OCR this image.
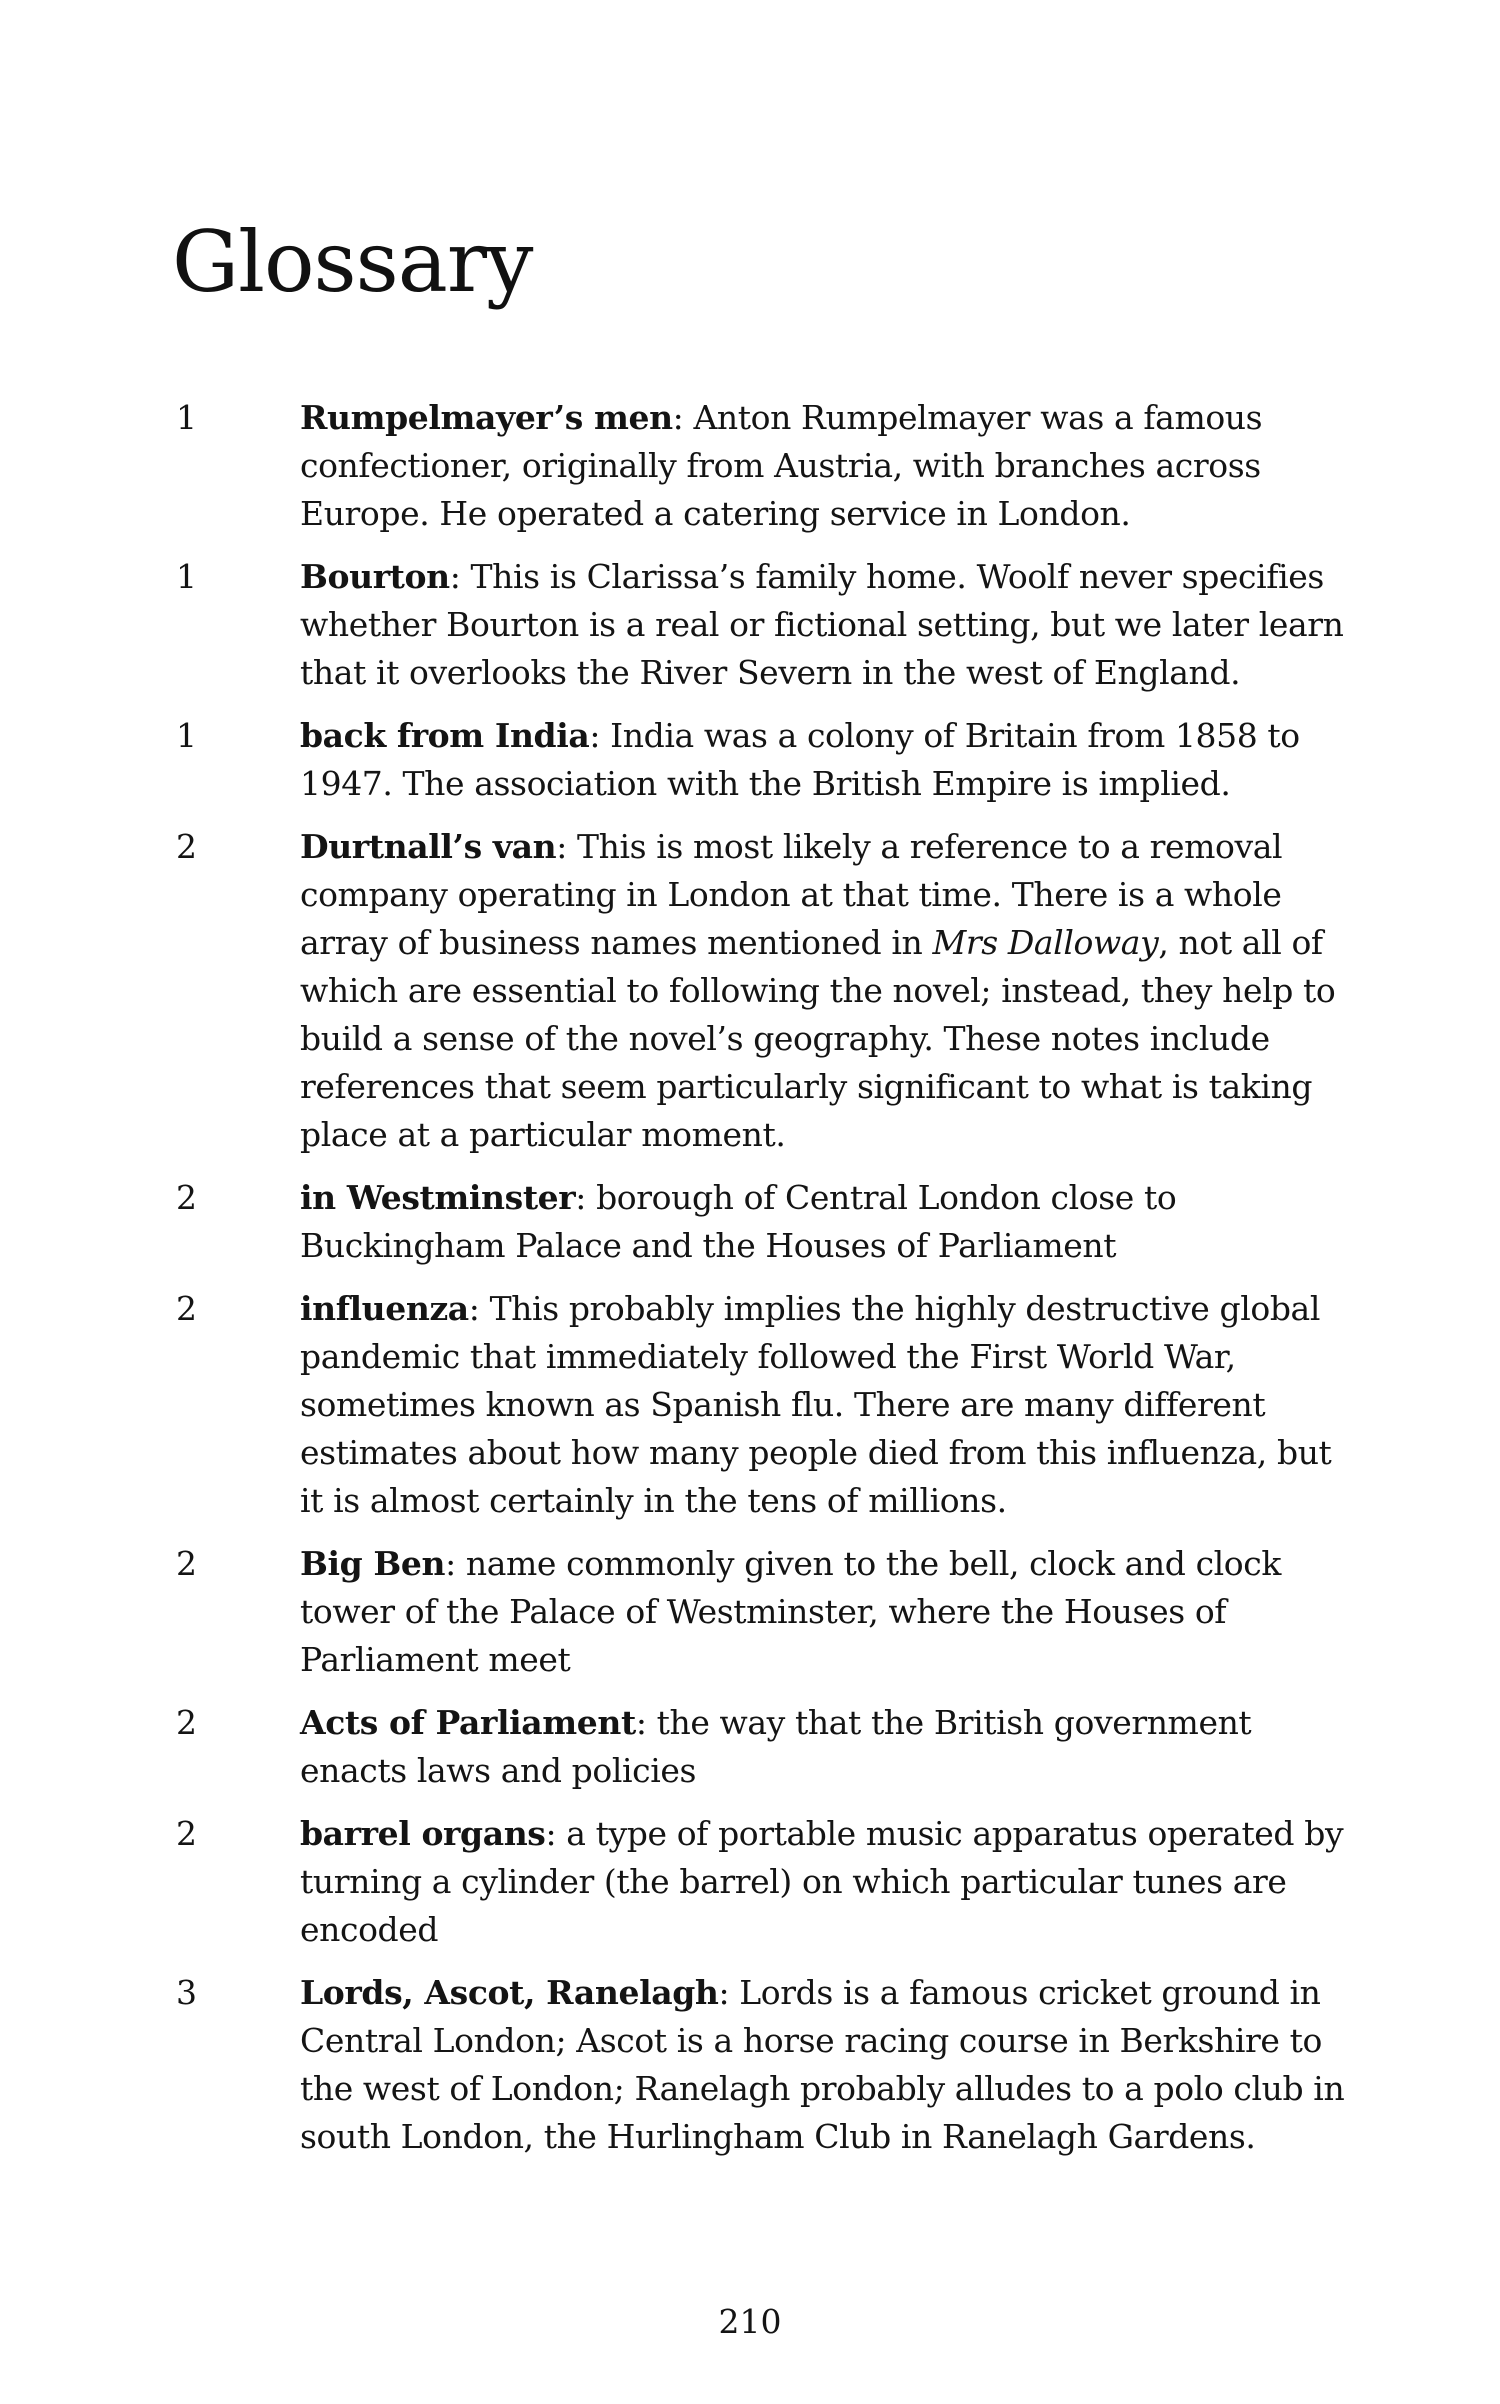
Glossary
1	Rumpelmayer’s men: Anton Rumpelmayer was a famous confectioner, originally from Austria, with branches across Europe. He operated a catering service in London.
1	Bourton: This is Clarissa’s family home. Woolf never specifies whether Bourton is a real or fictional setting, but we later learn that it overlooks the River Severn in the west of England.
1	back from India: India was a colony of Britain from 1858 to 1947. The association with the British Empire is implied.
2	Durtnall’s van: This is most likely a reference to a removal company operating in London at that time. There is a whole array of business names mentioned in Mrs Dalloway, not all of which are essential to following the novel; instead, they help to build a sense of the novel’s geography. These notes include references that seem particularly significant to what is taking place at a particular moment.
2	in Westminster: borough of Central London close to Buckingham Palace and the Houses of Parliament
2	influenza: This probably implies the highly destructive global pandemic that immediately followed the First World War, sometimes known as Spanish flu. There are many different estimates about how many people died from this influenza, but it is almost certainly in the tens of millions.
2	Big Ben: name commonly given to the bell, clock and clock tower of the Palace of Westminster, where the Houses of Parliament meet
2	Acts of Parliament: the way that the British government enacts laws and policies
2	barrel organs: a type of portable music apparatus operated by turning a cylinder (the barrel) on which particular tunes are encoded
3	Lords, Ascot, Ranelagh: Lords is a famous cricket ground in Central London; Ascot is a horse racing course in Berkshire to the west of London; Ranelagh probably alludes to a polo club in south London, the Hurlingham Club in Ranelagh Gardens.
210
